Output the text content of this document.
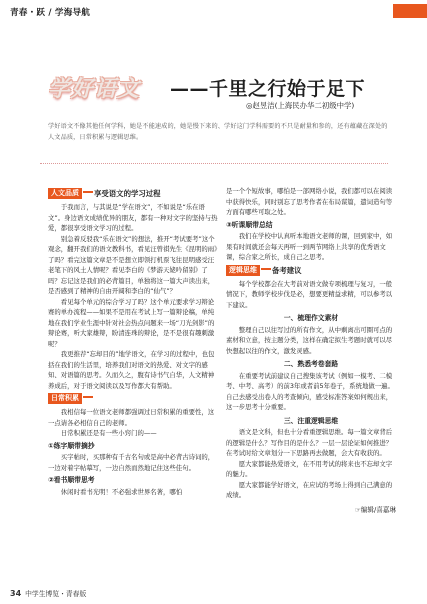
青春・跃 / 学海导航
学好语文 ——千里之行始于足下
◎赵昱洁(上海民办华二初级中学)
学好语文不像其他任何学科，她是不能速成的，她是慢下来的、学好这门学科需要的不只是耐量和参的，还有蕴藏在深处的人文品质，日常积累与逻辑思维。
人文品质 享受语文的学习过程

于我而言，与其说是“学在语文”，不如说是“乐在语文”。身边语文成绩优异的朋友，都有一种对文字的坚持与热爱，都很享受语文学习的过程。

别急着反驳我“乐在语文”的想法，推开“考试要考”这个观念，翻开我们的语文教科书，看见汪曾祺先生《昆明的雨》了吗？看完这篇文章是不是想立即领打机票飞往昆明感受汪老笔下的风土人情呢？看见李白的《梦游天姥吟留别》了吗？忘记这是我们的必背篇目，单独将这一篇大声读出来，是否感到了精神的自由开阔和李白的“仙气”？

看见每个单元的综合学习了吗？这个单元要求学习辩论赛的单办流程——如果不是用在考试上写一篇辩论稿，单纯地在我们学业生涯中针对社会热点问题来一场“刀光剑影”的辩论赛，听大家雄辩，盼清连珠的辩论，是不是很有趣刺激呢？

我更推荐“忘却目的”地学语文，在学习的过程中，也包括在我们的生活里，培养我们对语文的热爱、对文字的感知、对语篇的思考。久而久之，腹有诗书气自华，人文精神养成后，对于语文阅读以及写作都大有帮助。

日常积累

我相信每一位语文老师都强调过日常积累的重要性，这一点请各必相信自己的老师。

日常积累还是有一些小窍门的——

①练字顺带摘抄

买字帖时，买那种有千古名句或是高中必背古诗词的，一边对着字帖摹写，一边自然而然地记住这些佳句。

②看书顺带思考

休闲时看书光明！不必强求世界名著，哪怕

是一个个短故事，哪怕是一部网络小说，我们都可以在阅读中获得快乐，同时别忘了思考作者在布局谋篇，遣词造句等方面有哪些可取之处。

③听课顺带总结

我们在学校中认真听本地语文老师的课，回到家中，如果有时间就还会每天再听一到两节网络上共享的优秀语文课，综合家之所长，成自己之思考。

逻辑思维 备考建议

每个学校都会在大考前对语文做专项梳理与复习，一般情况下，教师学校步伐是必，想要更精益求精，可以参考以下建议。

一、梳理作文素材

整理自己以往写过的所有作文，从中剩离出可圈可点的素材和立意，按主题分类，这样在确定拟生考题时就可以尽快想起以往的作文，激发灵感。

二、熟悉考卷套路

在重要考试前建议自己搜集该考试（例如一模考、二模考、中考、高考）的前3年或者前5年卷子，系统地做一遍。自己去感受出卷人的考查倾向，感受标准答案如何规出来，这一步思考十分重要。

三、注重逻辑思维

语文是文科，但也十分看重逻辑思维。每一篇文章背后的逻辑是什么？写作目的是什么？一层一层论证如何推进？在考试时给文章划分一下思路再去做题，会大有收获的。

愿大家都能热爱语文，在不用考试的将来也不忘却文字的魅力。

愿大家都能学好语文，在应试的考场上得到自己满意的成绩。

☞编辑/喜嘉琳
34 中学生博览・青春版
